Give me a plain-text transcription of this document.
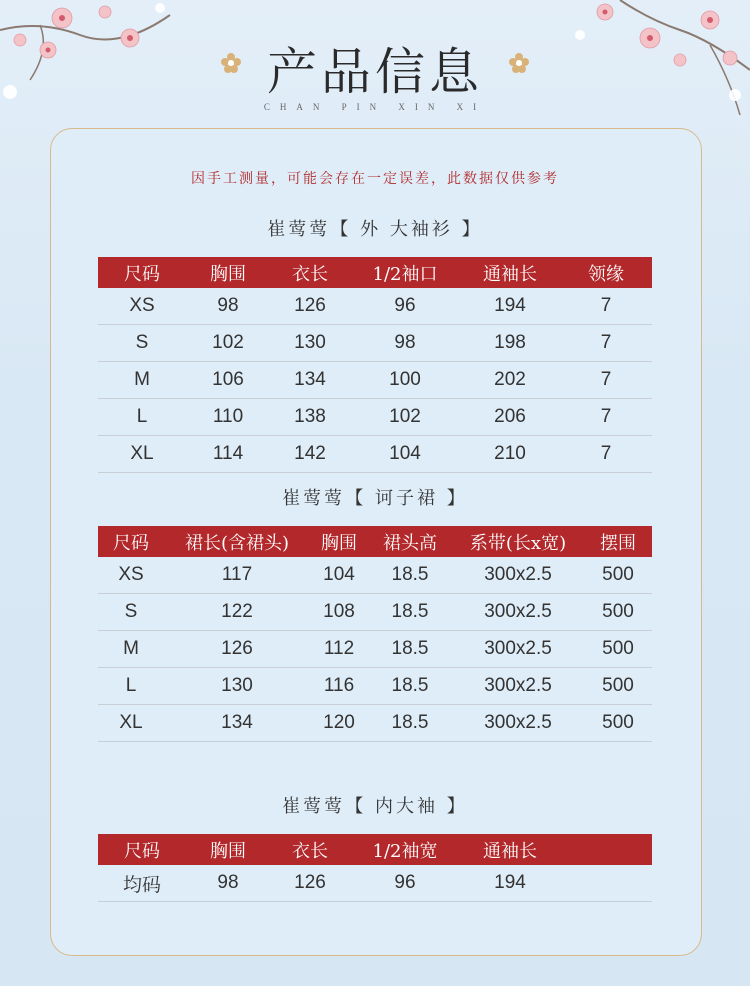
产品信息
CHAN PIN XIN XI
因手工测量，可能会存在一定误差，此数据仅供参考
崔莺莺【 外 大袖衫 】
尺码	胸围	衣长	1/2袖口	通袖长	领缘
XS	98	126	96	194	7
S	102	130	98	198	7
M	106	134	100	202	7
L	110	138	102	206	7
XL	114	142	104	210	7
崔莺莺【 诃子裙 】
尺码	裙长(含裙头)	胸围	裙头高	系带(长x宽)	摆围
XS	117	104	18.5	300x2.5	500
S	122	108	18.5	300x2.5	500
M	126	112	18.5	300x2.5	500
L	130	116	18.5	300x2.5	500
XL	134	120	18.5	300x2.5	500
崔莺莺【 内大袖 】
尺码	胸围	衣长	1/2袖宽	通袖长	
均码	98	126	96	194	
